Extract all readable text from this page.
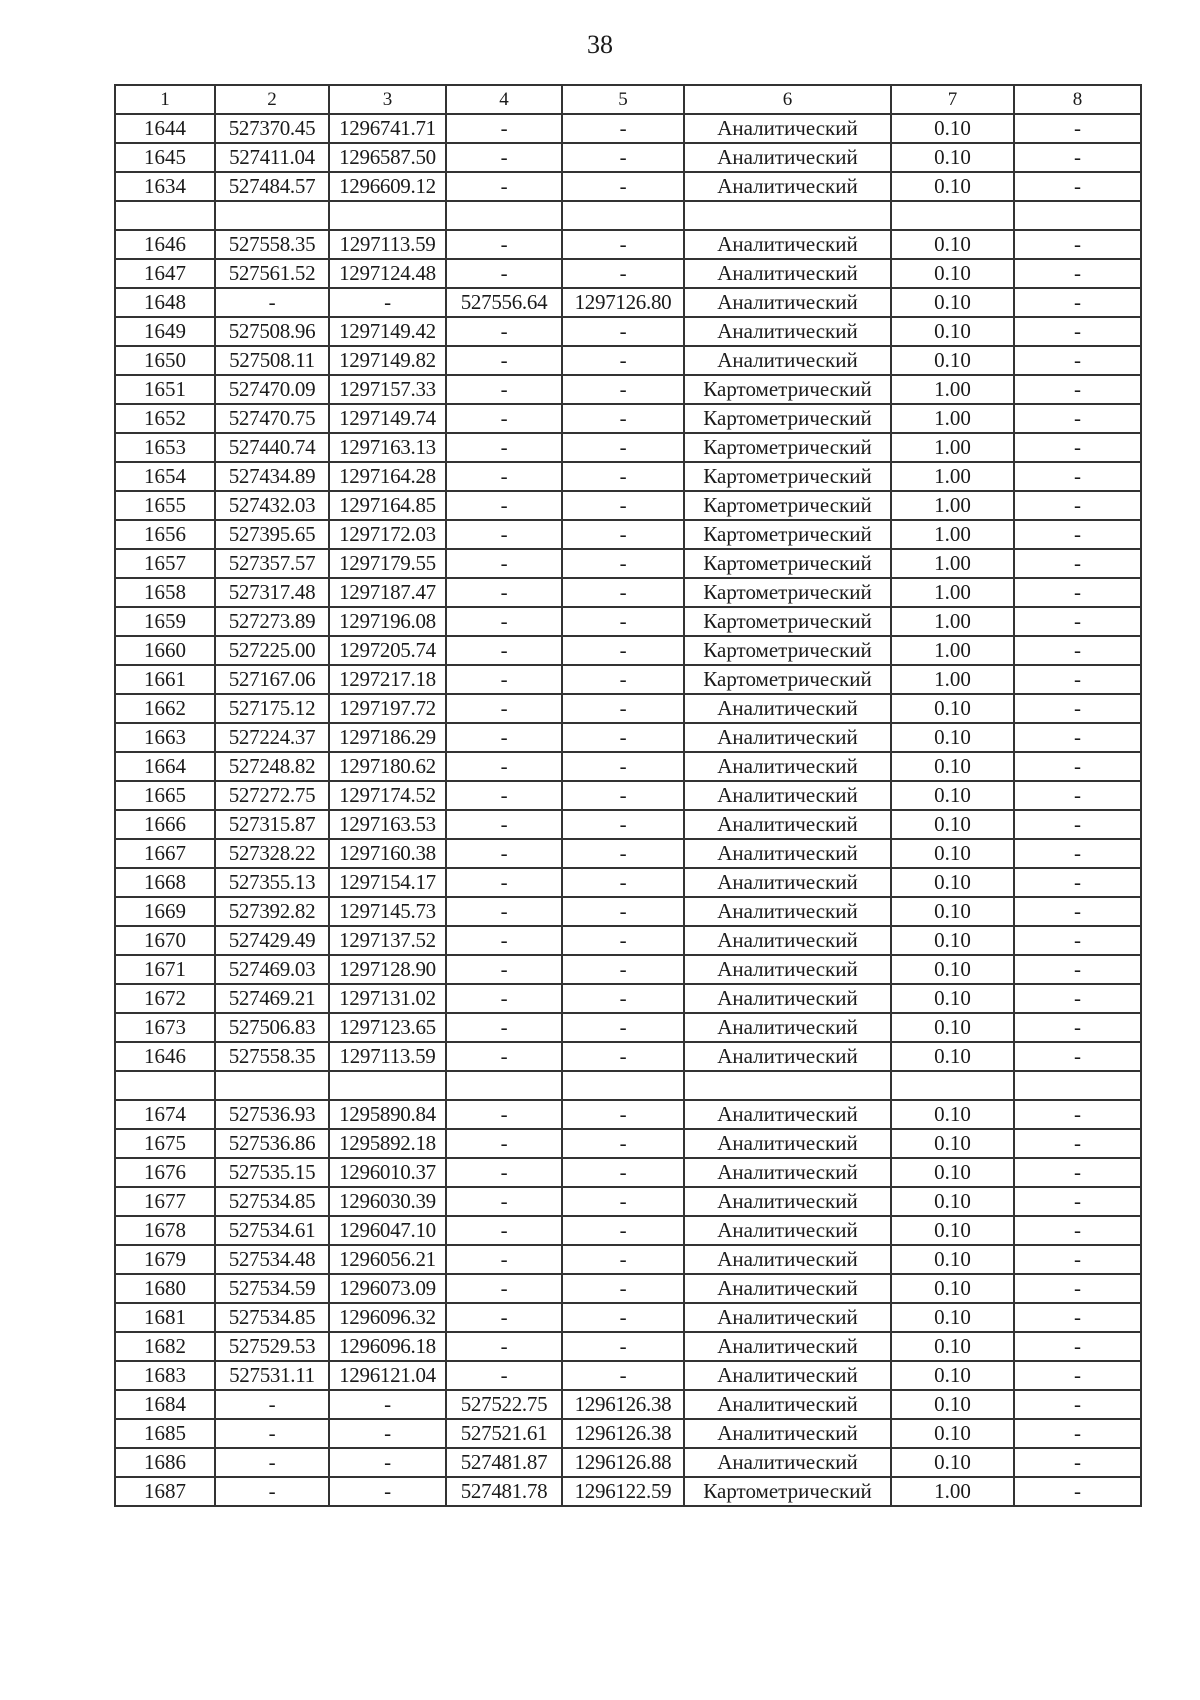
38
1	2	3	4	5	6	7	8
1644	527370.45	1296741.71	-	-	Аналитический	0.10	-
1645	527411.04	1296587.50	-	-	Аналитический	0.10	-
1634	527484.57	1296609.12	-	-	Аналитический	0.10	-

1646	527558.35	1297113.59	-	-	Аналитический	0.10	-
1647	527561.52	1297124.48	-	-	Аналитический	0.10	-
1648	-	-	527556.64	1297126.80	Аналитический	0.10	-
1649	527508.96	1297149.42	-	-	Аналитический	0.10	-
1650	527508.11	1297149.82	-	-	Аналитический	0.10	-
1651	527470.09	1297157.33	-	-	Картометрический	1.00	-
1652	527470.75	1297149.74	-	-	Картометрический	1.00	-
1653	527440.74	1297163.13	-	-	Картометрический	1.00	-
1654	527434.89	1297164.28	-	-	Картометрический	1.00	-
1655	527432.03	1297164.85	-	-	Картометрический	1.00	-
1656	527395.65	1297172.03	-	-	Картометрический	1.00	-
1657	527357.57	1297179.55	-	-	Картометрический	1.00	-
1658	527317.48	1297187.47	-	-	Картометрический	1.00	-
1659	527273.89	1297196.08	-	-	Картометрический	1.00	-
1660	527225.00	1297205.74	-	-	Картометрический	1.00	-
1661	527167.06	1297217.18	-	-	Картометрический	1.00	-
1662	527175.12	1297197.72	-	-	Аналитический	0.10	-
1663	527224.37	1297186.29	-	-	Аналитический	0.10	-
1664	527248.82	1297180.62	-	-	Аналитический	0.10	-
1665	527272.75	1297174.52	-	-	Аналитический	0.10	-
1666	527315.87	1297163.53	-	-	Аналитический	0.10	-
1667	527328.22	1297160.38	-	-	Аналитический	0.10	-
1668	527355.13	1297154.17	-	-	Аналитический	0.10	-
1669	527392.82	1297145.73	-	-	Аналитический	0.10	-
1670	527429.49	1297137.52	-	-	Аналитический	0.10	-
1671	527469.03	1297128.90	-	-	Аналитический	0.10	-
1672	527469.21	1297131.02	-	-	Аналитический	0.10	-
1673	527506.83	1297123.65	-	-	Аналитический	0.10	-
1646	527558.35	1297113.59	-	-	Аналитический	0.10	-

1674	527536.93	1295890.84	-	-	Аналитический	0.10	-
1675	527536.86	1295892.18	-	-	Аналитический	0.10	-
1676	527535.15	1296010.37	-	-	Аналитический	0.10	-
1677	527534.85	1296030.39	-	-	Аналитический	0.10	-
1678	527534.61	1296047.10	-	-	Аналитический	0.10	-
1679	527534.48	1296056.21	-	-	Аналитический	0.10	-
1680	527534.59	1296073.09	-	-	Аналитический	0.10	-
1681	527534.85	1296096.32	-	-	Аналитический	0.10	-
1682	527529.53	1296096.18	-	-	Аналитический	0.10	-
1683	527531.11	1296121.04	-	-	Аналитический	0.10	-
1684	-	-	527522.75	1296126.38	Аналитический	0.10	-
1685	-	-	527521.61	1296126.38	Аналитический	0.10	-
1686	-	-	527481.87	1296126.88	Аналитический	0.10	-
1687	-	-	527481.78	1296122.59	Картометрический	1.00	-
